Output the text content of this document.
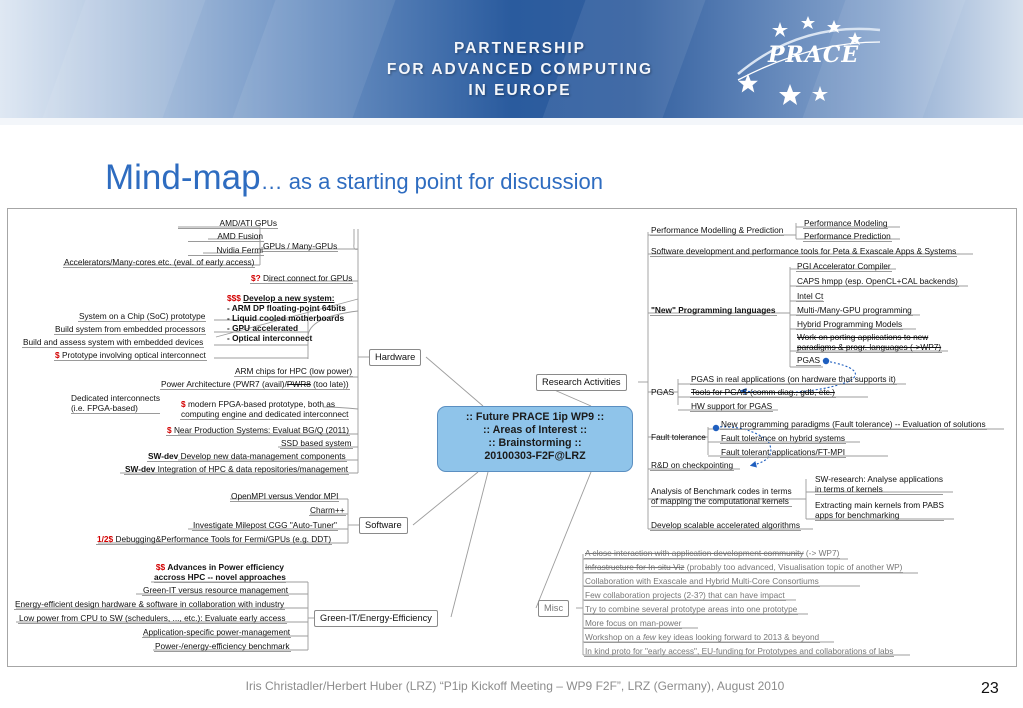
PARTNERSHIP
FOR ADVANCED COMPUTING
IN EUROPE
PRACE
Mind-map… as a starting point for discussion
:: Future PRACE 1ip WP9 ::
:: Areas of Interest ::
:: Brainstorming ::
20100303-F2F@LRZ
Hardware
Research Activities
Software
Misc
Green-IT/Energy-Efficiency
GPUs / Many-GPUs
AMD/ATI GPUs
AMD Fusion
Nvidia Fermi
Accelerators/Many-cores etc. (eval. of early access)
$? Direct connect for GPUs
$$$ Develop a new system:
- ARM DP floating-point 64bits
- Liquid cooled motherboards
- GPU accelerated
- Optical interconnect
System on a Chip (SoC) prototype
Build system from embedded processors
Build and assess system with embedded devices
$ Prototype involving optical interconnect
ARM chips for HPC (low power)
Power Architecture (PWR7 (avail)/PWR8 (too late))
Dedicated interconnects
(i.e. FPGA-based)	$ modern FPGA-based prototype, both as
computing engine and dedicated interconnect
$ Near Production Systems: Evaluat BG/Q (2011)
SSD based system
SW-dev Develop new data-management components
SW-dev Integration of HPC & data repositories/management
OpenMPI versus Vendor MPI
Charm++
Investigate Milepost CGG "Auto-Tuner"
1/2$ Debugging&Performance Tools for Fermi/GPUs (e.g. DDT)
$$ Advances in Power efficiency
accross HPC -- novel approaches
Green-IT versus resource management
Energy-efficient design hardware & software in collaboration with industry
Low power from CPU to SW (schedulers, ..., etc.): Evaluate early access
Application-specific power-management
Power-/energy-efficiency benchmark
Performance Modelling & Prediction
Performance Modeling
Performance Prediction
Software development and performance tools for Peta & Exascale Apps & Systems
"New" Programming languages
PGI Accelerator Compiler
CAPS hmpp (esp. OpenCL+CAL backends)
Intel Ct
Multi-/Many-GPU programming
Hybrid Programming Models
Work on porting applications to new
paradigms & progr. languages (->WP7)
PGAS
PGAS in real applications (on hardware that supports it)
PGAS Tools for PGAS (comm diag., gdb, etc.)
HW support for PGAS
Fault tolerance
New programming paradigms (Fault tolerance) -- Evaluation of solutions
Fault tolerance on hybrid systems
Fault tolerant applications/FT-MPI
R&D on checkpointing
Analysis of Benchmark codes in terms
of mapping the computational kernels
SW-research: Analyse applications
in terms of kernels
Extracting main kernels from PABS
apps for benchmarking
Develop scalable accelerated algorithms
A close interaction with application development community (-> WP7)
Infrastructure for In-situ Viz (probably too advanced, Visualisation topic of another WP)
Collaboration with Exascale and Hybrid Multi-Core Consortiums
Few collaboration projects (2-3?) that can have impact
Try to combine several prototype areas into one prototype
More focus on man-power
Workshop on a few key ideas looking forward to 2013 & beyond
In kind proto for "early access", EU-funding for Prototypes and collaborations of labs
Iris Christadler/Herbert Huber (LRZ) “P1ip Kickoff Meeting – WP9 F2F”, LRZ (Germany), August 2010	23
